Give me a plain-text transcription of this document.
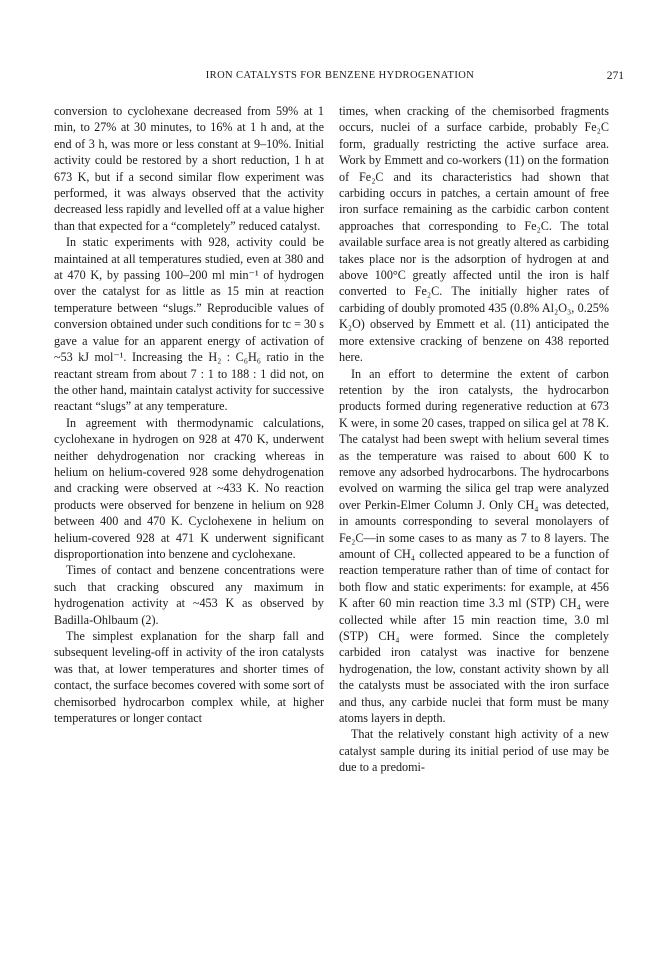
IRON CATALYSTS FOR BENZENE HYDROGENATION	271

conversion to cyclohexane decreased from 59% at 1 min, to 27% at 30 minutes, to 16% at 1 h and, at the end of 3 h, was more or less constant at 9–10%. Initial activity could be restored by a short reduction, 1 h at 673 K, but if a second similar flow experiment was performed, it was always observed that the activity decreased less rapidly and levelled off at a value higher than that expected for a “completely” reduced catalyst.

In static experiments with 928, activity could be maintained at all temperatures studied, even at 380 and at 470 K, by passing 100–200 ml min⁻¹ of hydrogen over the catalyst for as little as 15 min at reaction temperature between “slugs.” Reproducible values of conversion obtained under such conditions for tc = 30 s gave a value for an apparent energy of activation of ~53 kJ mol⁻¹. Increasing the H₂ : C₆H₆ ratio in the reactant stream from about 7 : 1 to 188 : 1 did not, on the other hand, maintain catalyst activity for successive reactant “slugs” at any temperature.

In agreement with thermodynamic calculations, cyclohexane in hydrogen on 928 at 470 K, underwent neither dehydrogenation nor cracking whereas in helium on helium-covered 928 some dehydrogenation and cracking were observed at ~433 K. No reaction products were observed for benzene in helium on 928 between 400 and 470 K. Cyclohexene in helium on helium-covered 928 at 471 K underwent significant disproportionation into benzene and cyclohexane.

Times of contact and benzene concentrations were such that cracking obscured any maximum in hydrogenation activity at ~453 K as observed by Badilla-Ohlbaum (2).

The simplest explanation for the sharp fall and subsequent leveling-off in activity of the iron catalysts was that, at lower temperatures and shorter times of contact, the surface becomes covered with some sort of chemisorbed hydrocarbon complex while, at higher temperatures or longer contact

times, when cracking of the chemisorbed fragments occurs, nuclei of a surface carbide, probably Fe₂C form, gradually restricting the active surface area. Work by Emmett and co-workers (11) on the formation of Fe₂C and its characteristics had shown that carbiding occurs in patches, a certain amount of free iron surface remaining as the carbidic carbon content approaches that corresponding to Fe₂C. The total available surface area is not greatly altered as carbiding takes place nor is the adsorption of hydrogen at and above 100°C greatly affected until the iron is half converted to Fe₂C. The initially higher rates of carbiding of doubly promoted 435 (0.8% Al₂O₃, 0.25% K₂O) observed by Emmett et al. (11) anticipated the more extensive cracking of benzene on 438 reported here.

In an effort to determine the extent of carbon retention by the iron catalysts, the hydrocarbon products formed during regenerative reduction at 673 K were, in some 20 cases, trapped on silica gel at 78 K. The catalyst had been swept with helium several times as the temperature was raised to about 600 K to remove any adsorbed hydrocarbons. The hydrocarbons evolved on warming the silica gel trap were analyzed over Perkin-Elmer Column J. Only CH₄ was detected, in amounts corresponding to several monolayers of Fe₂C—in some cases to as many as 7 to 8 layers. The amount of CH₄ collected appeared to be a function of reaction temperature rather than of time of contact for both flow and static experiments: for example, at 456 K after 60 min reaction time 3.3 ml (STP) CH₄ were collected while after 15 min reaction time, 3.0 ml (STP) CH₄ were formed. Since the completely carbided iron catalyst was inactive for benzene hydrogenation, the low, constant activity shown by all the catalysts must be associated with the iron surface and thus, any carbide nuclei that form must be many atoms layers in depth.

That the relatively constant high activity of a new catalyst sample during its initial period of use may be due to a predomi-
